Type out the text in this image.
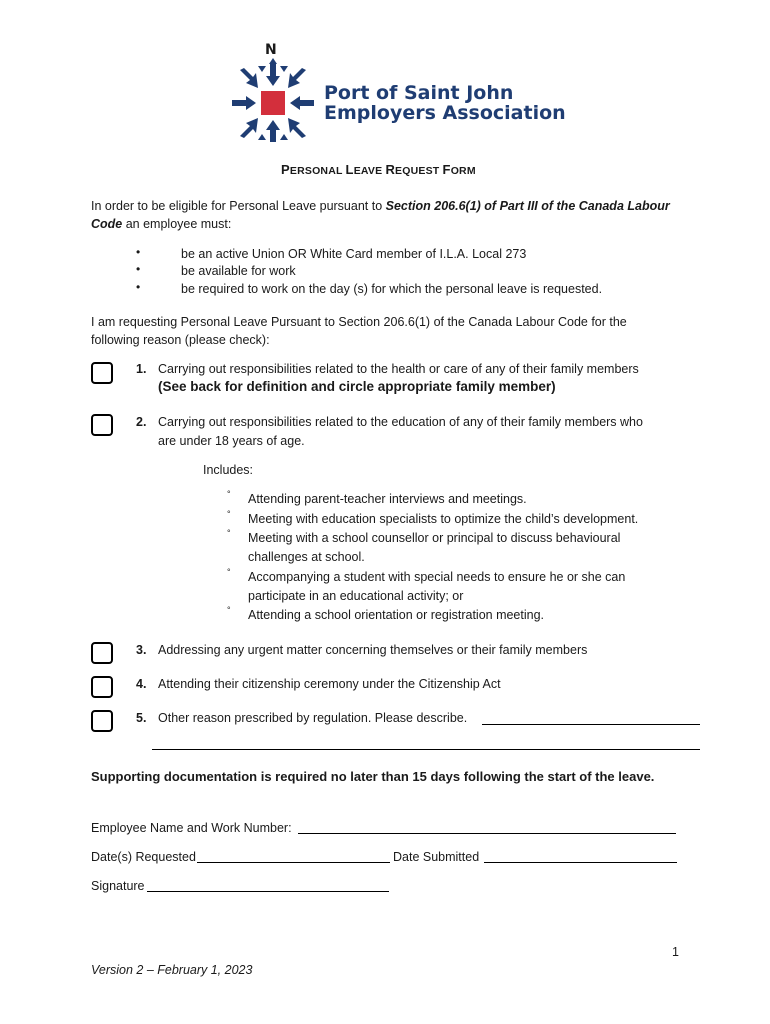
N
Port of Saint John
Employers Association
PERSONAL LEAVE REQUEST FORM
In order to be eligible for Personal Leave pursuant to Section 206.6(1) of Part III of the Canada Labour
Code an employee must:
•	be an active Union OR White Card member of I.L.A. Local 273
•	be available for work
•	be required to work on the day (s) for which the personal leave is requested.
I am requesting Personal Leave Pursuant to Section 206.6(1) of the Canada Labour Code for the
following reason (please check):
1. Carrying out responsibilities related to the health or care of any of their family members
(See back for definition and circle appropriate family member)
2. Carrying out responsibilities related to the education of any of their family members who
are under 18 years of age.
Includes:
° Attending parent-teacher interviews and meetings.
° Meeting with education specialists to optimize the child’s development.
° Meeting with a school counsellor or principal to discuss behavioural
challenges at school.
° Accompanying a student with special needs to ensure he or she can
participate in an educational activity; or
° Attending a school orientation or registration meeting.
3. Addressing any urgent matter concerning themselves or their family members
4. Attending their citizenship ceremony under the Citizenship Act
5. Other reason prescribed by regulation. Please describe.
Supporting documentation is required no later than 15 days following the start of the leave.
Employee Name and Work Number:
Date(s) Requested	Date Submitted
Signature
1
Version 2 – February 1, 2023
